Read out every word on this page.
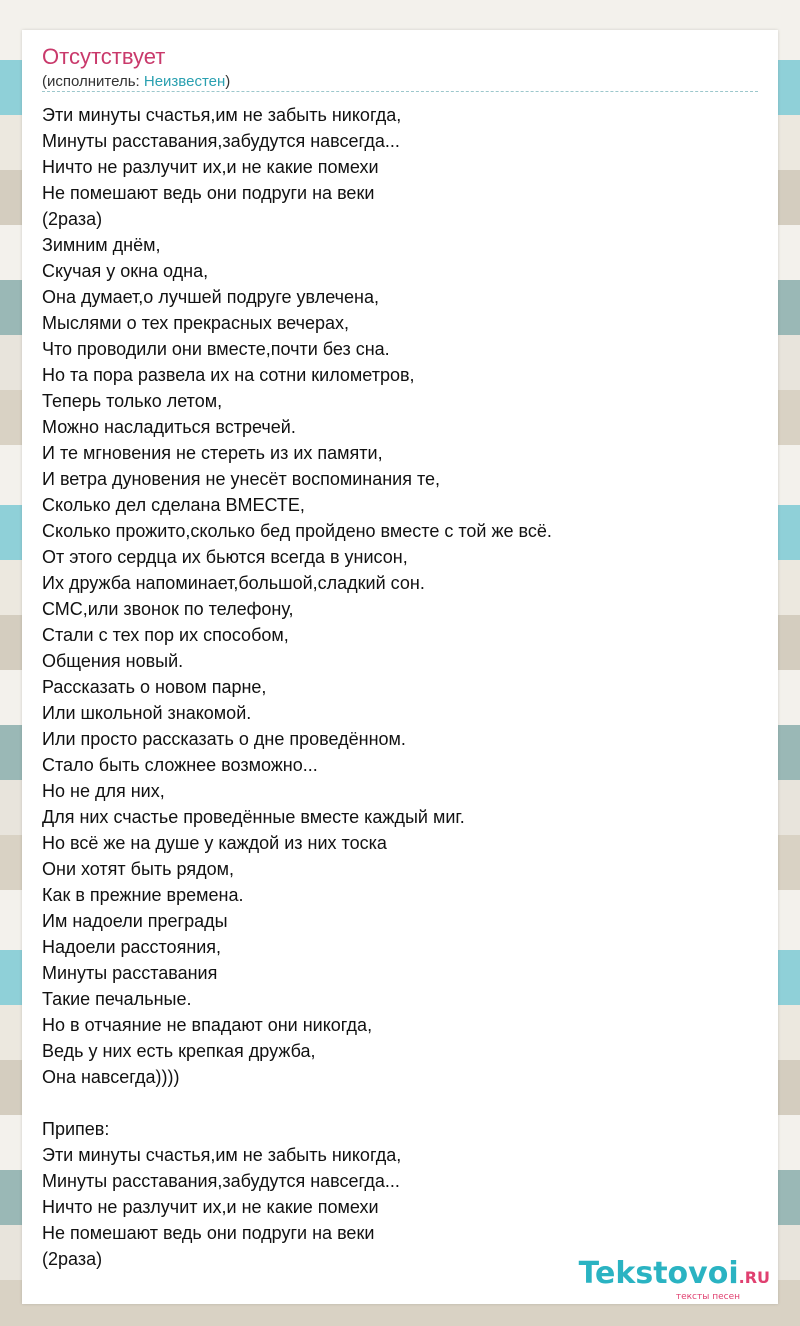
Отсутствует
(исполнитель: Неизвестен)
Эти минуты счастья,им не забыть никогда,
Минуты расставания,забудутся навсегда...
Ничто не разлучит их,и не какие помехи
Не помешают ведь они подруги на веки
(2раза)
Зимним днём,
Скучая у окна одна,
Она думает,о лучшей подруге увлечена,
Мыслями о тех прекрасных вечерах,
Что проводили они вместе,почти без сна.
Но та пора развела их на сотни километров,
Теперь только летом,
Можно насладиться встречей.
И те мгновения не стереть из их памяти,
И ветра дуновения не унесёт воспоминания те,
Сколько дел сделана ВМЕСТЕ,
Сколько прожито,сколько бед пройдено вместе с той же всё.
От этого сердца их бьются всегда в унисон,
Их дружба напоминает,большой,сладкий сон.
СМС,или звонок по телефону,
Стали с тех пор их способом,
Общения новый.
Рассказать о новом парне,
Или школьной знакомой.
Или просто рассказать о дне проведённом.
Стало быть сложнее возможно...
Но не для них,
Для них счастье проведённые вместе каждый миг.
Но всё же на душе у каждой из них тоска
Они хотят быть рядом,
Как в прежние времена.
Им надоели преграды
Надоели расстояния,
Минуты расставания
Такие печальные.
Но в отчаяние не впадают они никогда,
Ведь у них есть крепкая дружба,
Она навсегда))))
Припев:
Эти минуты счастья,им не забыть никогда,
Минуты расставания,забудутся навсегда...
Ничто не разлучит их,и не какие помехи
Не помешают ведь они подруги на веки
(2раза)	Tekstovoi.RU
тексты песен
